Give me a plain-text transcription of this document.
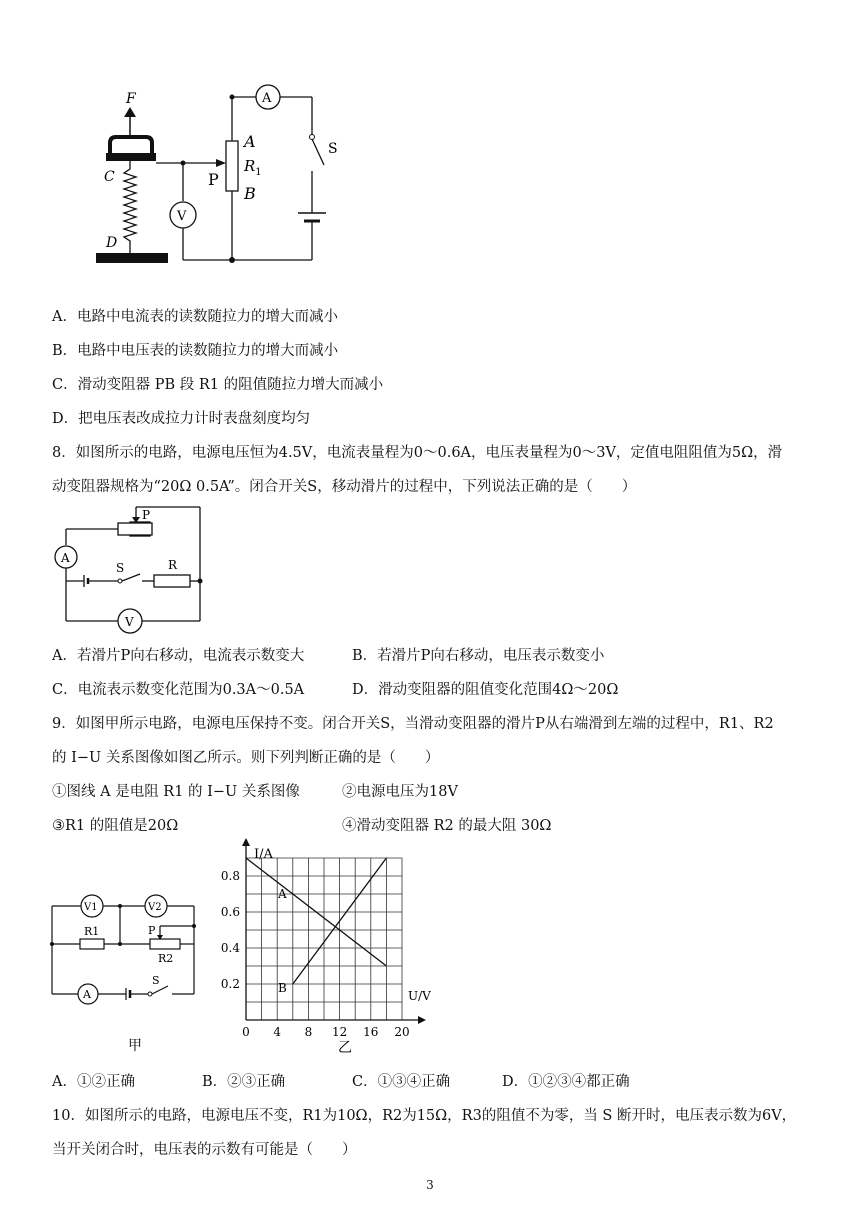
F
C
D
P
V
A
$R_1$
B
A
S
A．电路中电流表的读数随拉力的增大而减小
B．电路中电压表的读数随拉力的增大而减小
C．滑动变阻器 PB 段 R1 的阻值随拉力增大而减小
D．把电压表改成拉力计时表盘刻度均匀
8．如图所示的电路，电源电压恒为4.5V，电流表量程为0～0.6A，电压表量程为0～3V，定值电阻阻值为5Ω，滑
动变阻器规格为“20Ω 0.5A”。闭合开关S，移动滑片的过程中，下列说法正确的是（　　）
P
A
S	R
V
A．若滑片P向右移动，电流表示数变大	B．若滑片P向右移动，电压表示数变小
C．电流表示数变化范围为0.3A～0.5A	D．滑动变阻器的阻值变化范围4Ω～20Ω
9．如图甲所示电路，电源电压保持不变。闭合开关S，当滑动变阻器的滑片P从右端滑到左端的过程中，R1、R2
的 I−U 关系图像如图乙所示。则下列判断正确的是（　　）
①图线 A 是电阻 R1 的 I−U 关系图像	②电源电压为18V
③R1 的阻值是20Ω	④滑动变阻器 R2 的最大阻 30Ω
V1	V2
R1	P
R2
A
S
甲
0 4 8 12 16 20
0.2
0.4
0.6
0.8
I/A
U/V
A
B
乙
A．①②正确	B．②③正确	C．①③④正确	D．①②③④都正确
10．如图所示的电路，电源电压不变，R1为10Ω，R2为15Ω，R3的阻值不为零，当 S 断开时，电压表示数为6V，
当开关闭合时，电压表的示数有可能是（　　）
3
